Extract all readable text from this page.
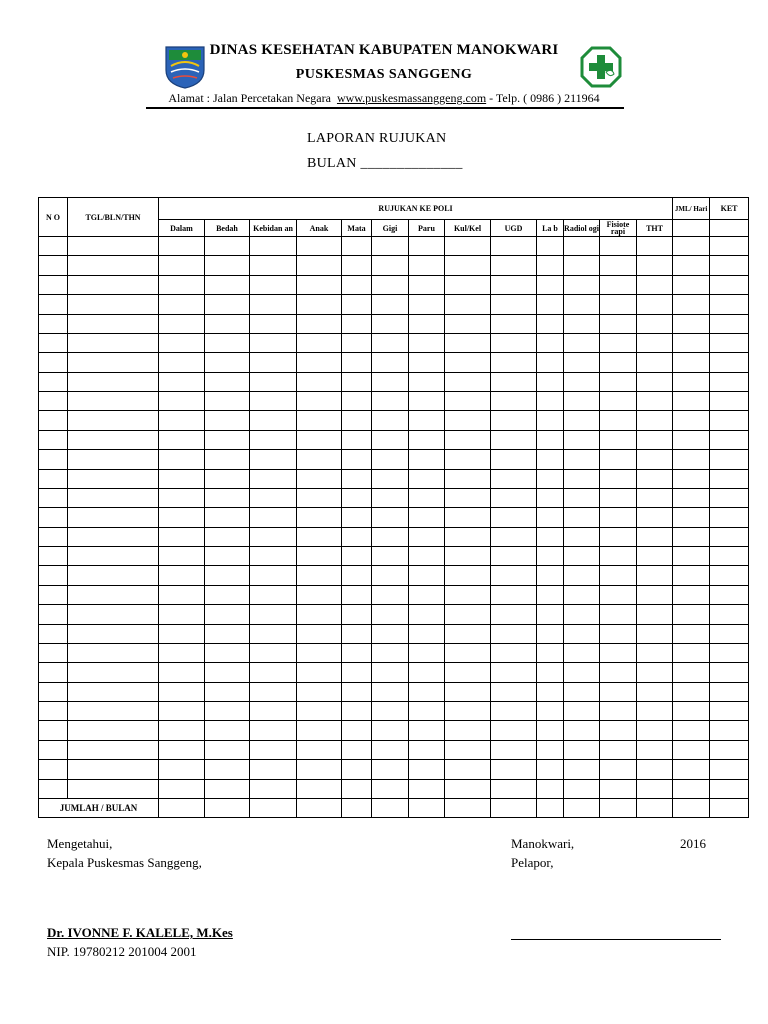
DINAS KESEHATAN KABUPATEN MANOKWARI
PUSKESMAS SANGGENG
Alamat : Jalan Percetakan Negara www.puskesmassanggeng.com - Telp. ( 0986 ) 211964
LAPORAN RUJUKAN
BULAN ______________
N O	TGL/BLN/THN	RUJUKAN KE POLI													JML/ Hari	KET
		Dalam	Bedah	Kebidan an	Anak	Mata	Gigi	Paru	Kul/Kel	UGD	La b	Radiol ogi	Fisiote rapi	THT		

JUMLAH / BULAN																
Mengetahui,
Kepala Puskesmas Sanggeng,
Manokwari,	2016
Pelapor,
Dr. IVONNE F. KALELE, M.Kes
NIP. 19780212 201004 2001
